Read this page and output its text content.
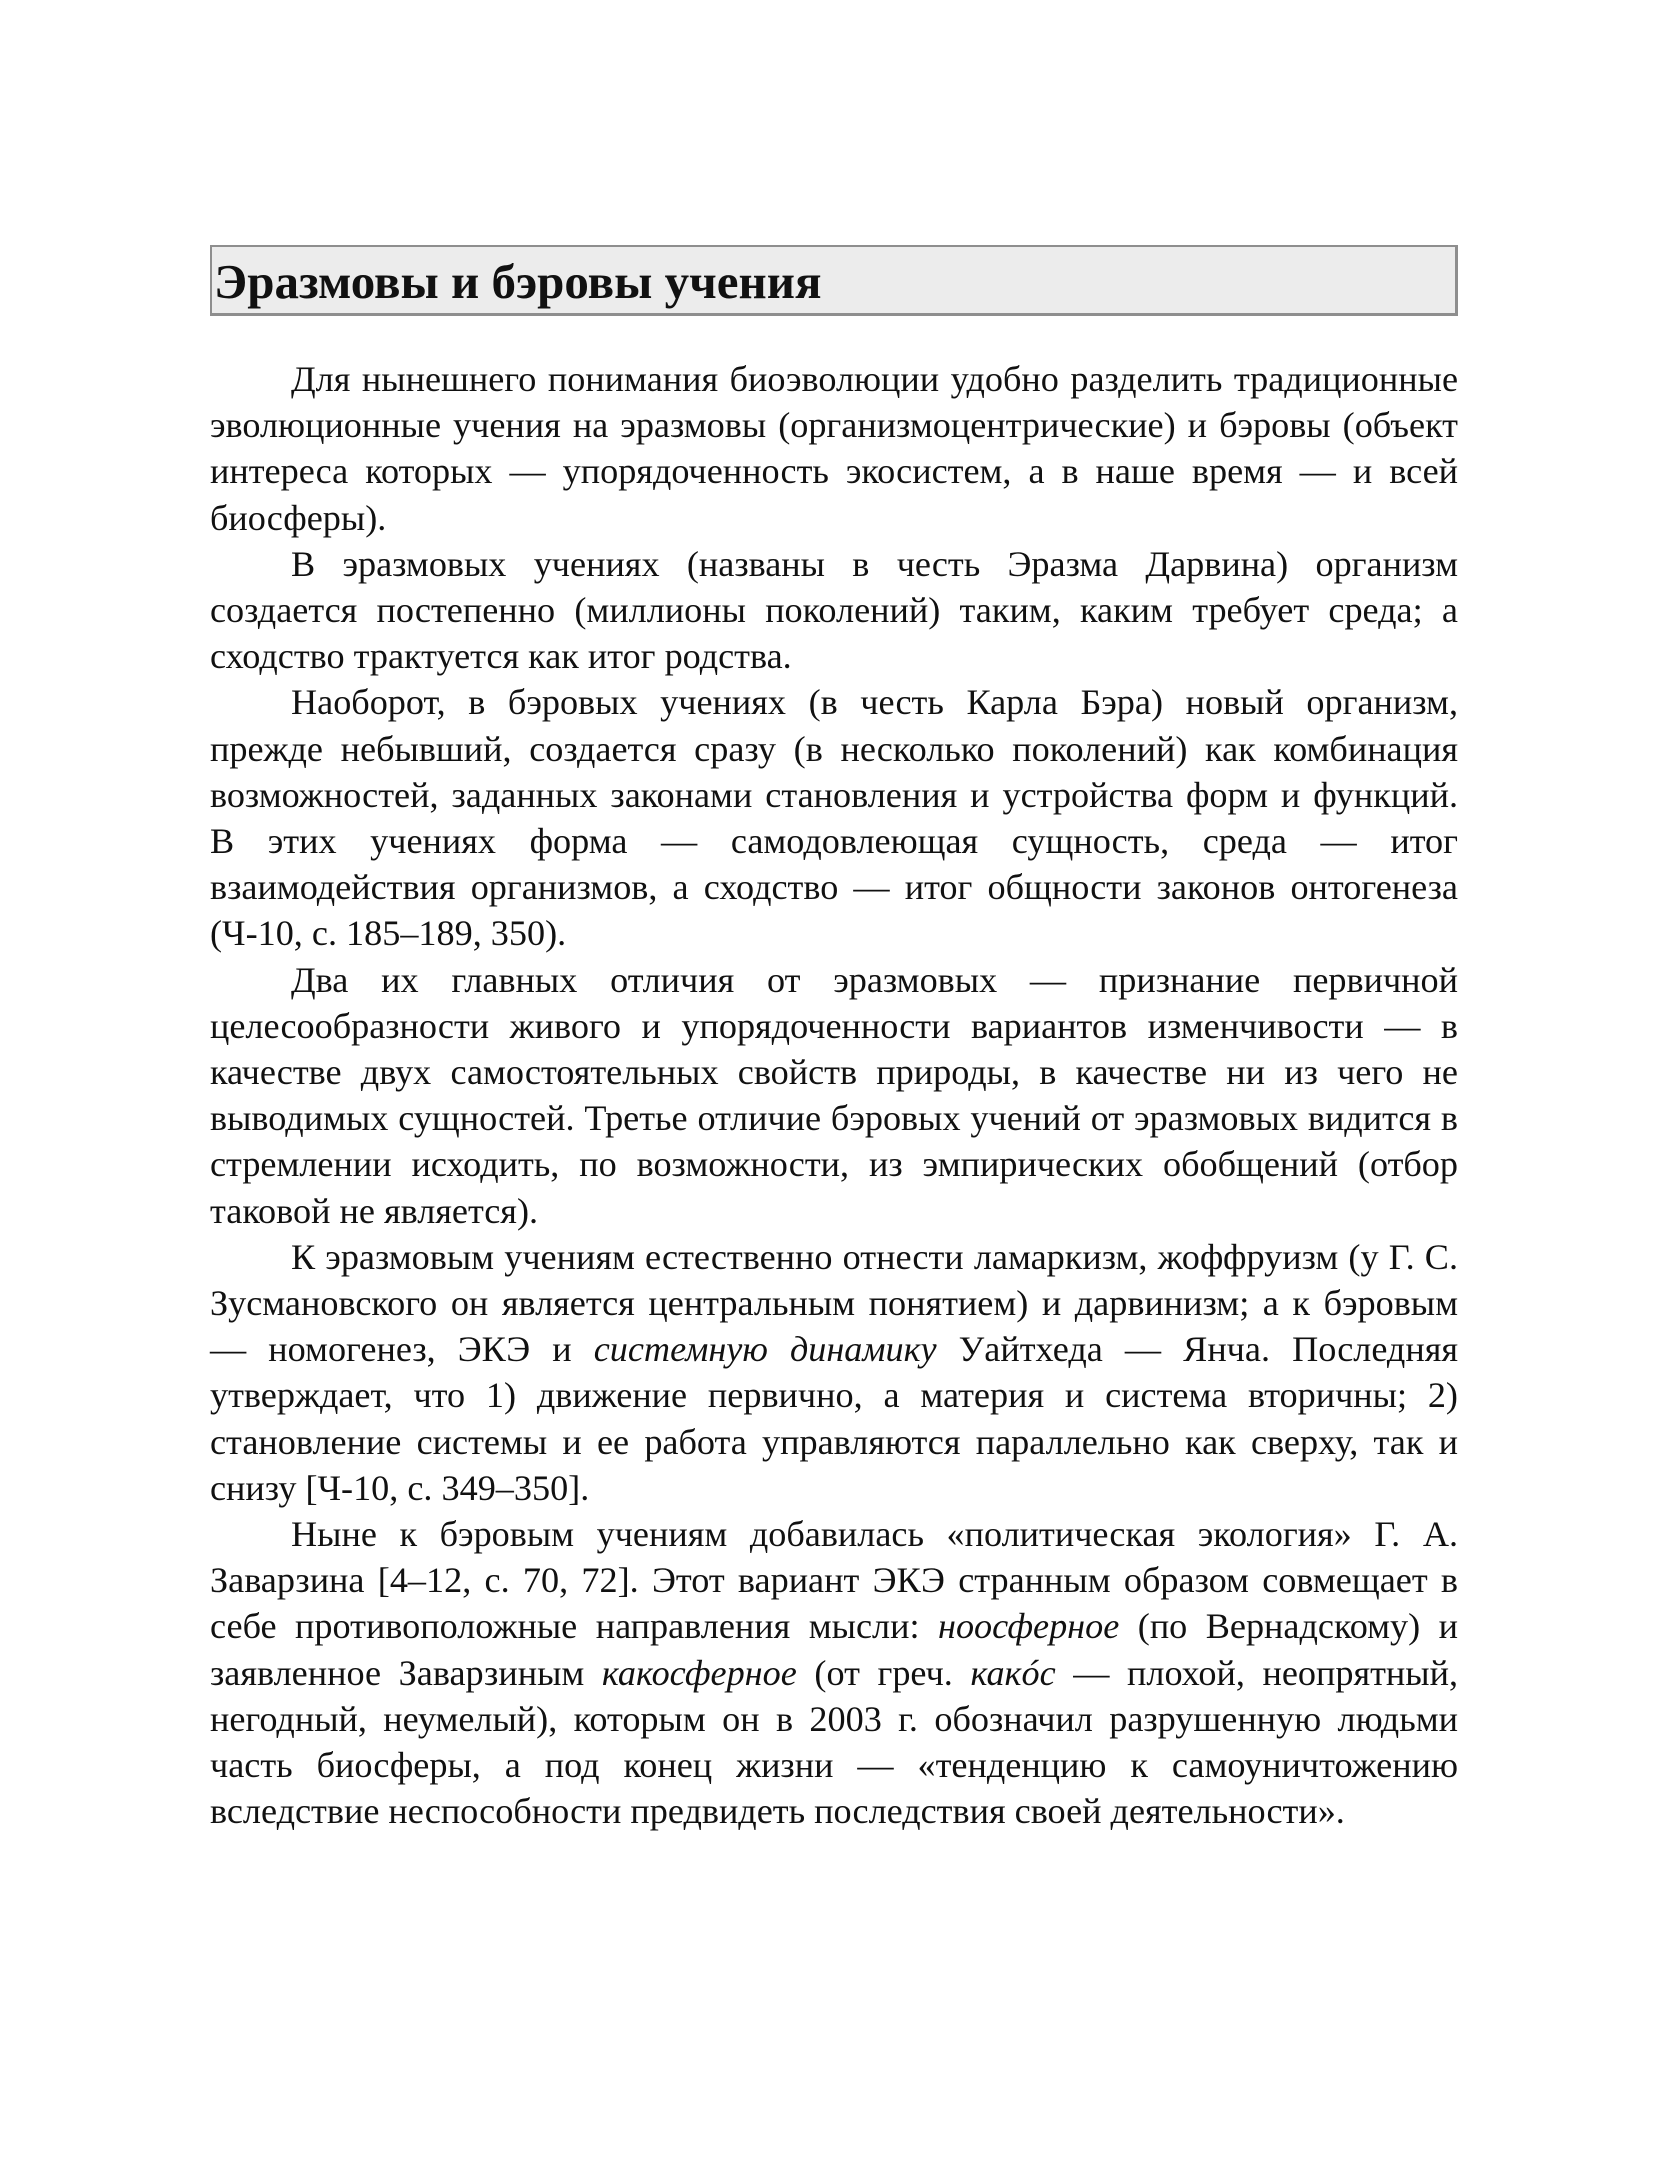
Эразмовы и бэровы учения

Для нынешнего понимания биоэволюции удобно разделить традиционные эволюционные учения на эразмовы (организмоцентрические) и бэровы (объект интереса которых — упорядоченность экосистем, а в наше время — и всей биосферы).

В эразмовых учениях (названы в честь Эразма Дарвина) организм создается постепенно (миллионы поколений) таким, каким требует среда; а сходство трактуется как итог родства.

Наоборот, в бэровых учениях (в честь Карла Бэра) новый организм, прежде небывший, создается сразу (в несколько поколений) как комбинация возможностей, заданных законами становления и устройства форм и функций. В этих учениях форма — самодовлеющая сущность, среда — итог взаимодействия организмов, а сходство — итог общности законов онтогенеза (Ч-10, с. 185–189, 350).

Два их главных отличия от эразмовых — признание первичной целесообразности живого и упорядоченности вариантов изменчивости — в качестве двух самостоятельных свойств природы, в качестве ни из чего не выводимых сущностей. Третье отличие бэровых учений от эразмовых видится в стремлении исходить, по возможности, из эмпирических обобщений (отбор таковой не является).

К эразмовым учениям естественно отнести ламаркизм, жоффруизм (у Г. С. Зусмановского он является центральным понятием) и дарвинизм; а к бэровым — номогенез, ЭКЭ и системную динамику Уайтхеда — Янча. Последняя утверждает, что 1) движение первично, а материя и система вторичны; 2) становление системы и ее работа управляются параллельно как сверху, так и снизу [Ч-10, с. 349–350].

Ныне к бэровым учениям добавилась «политическая экология» Г. А. Заварзина [4–12, с. 70, 72]. Этот вариант ЭКЭ странным образом совмещает в себе противоположные направления мысли: ноосферное (по Вернадскому) и заявленное Заварзиным какосферное (от греч. какóс — плохой, неопрятный, негодный, неумелый), которым он в 2003 г. обозначил разрушенную людьми часть биосферы, а под конец жизни — «тенденцию к самоуничтожению вследствие неспособности предвидеть последствия своей деятельности».
